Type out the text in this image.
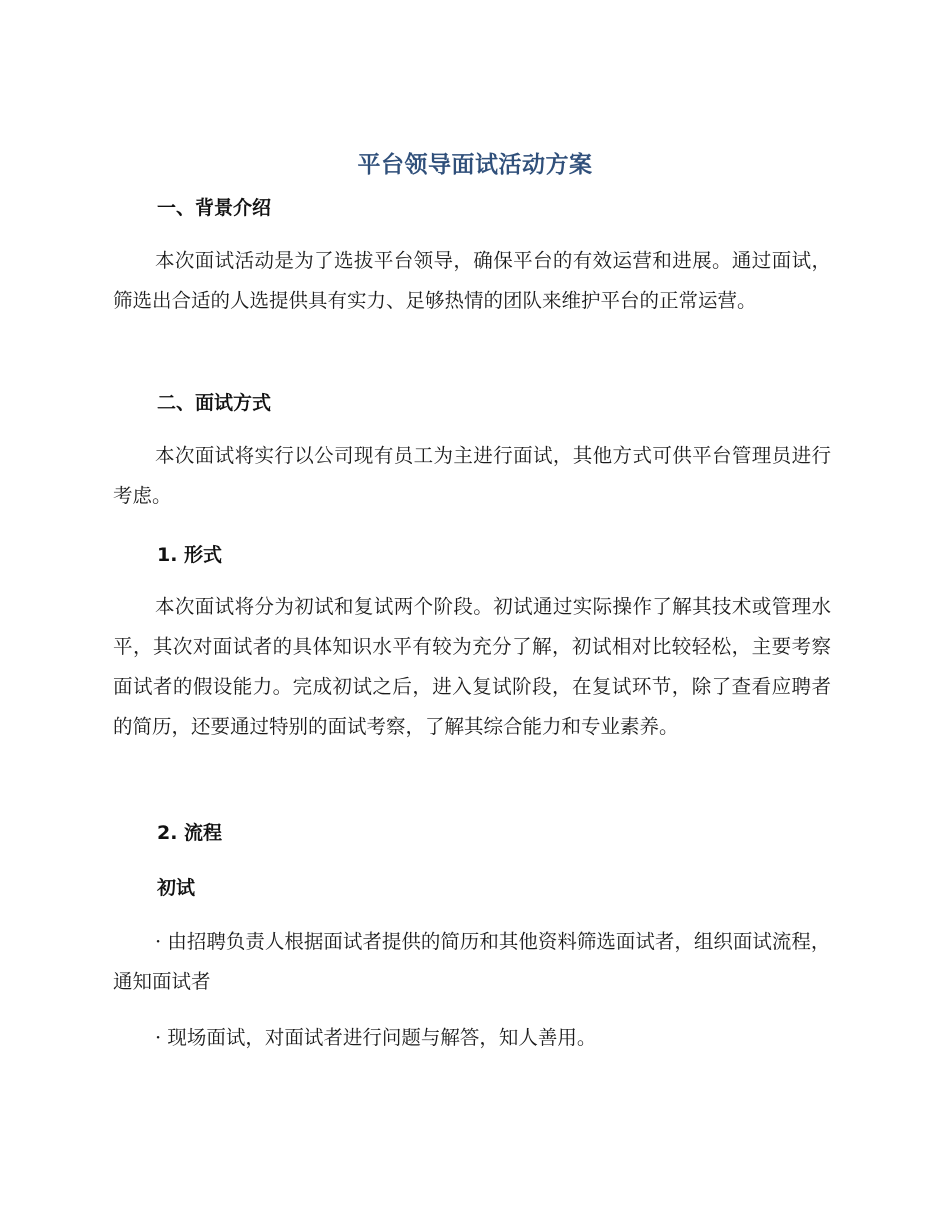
平台领导面试活动方案
一、背景介绍
本次面试活动是为了选拔平台领导，确保平台的有效运营和进展。通过面试，筛选出合适的人选提供具有实力、足够热情的团队来维护平台的正常运营。
二、面试方式
本次面试将实行以公司现有员工为主进行面试，其他方式可供平台管理员进行考虑。
1. 形式
本次面试将分为初试和复试两个阶段。初试通过实际操作了解其技术或管理水平，其次对面试者的具体知识水平有较为充分了解，初试相对比较轻松，主要考察面试者的假设能力。完成初试之后，进入复试阶段，在复试环节，除了查看应聘者的简历，还要通过特别的面试考察，了解其综合能力和专业素养。
2. 流程
初试
· 由招聘负责人根据面试者提供的简历和其他资料筛选面试者，组织面试流程，通知面试者
· 现场面试，对面试者进行问题与解答，知人善用。
